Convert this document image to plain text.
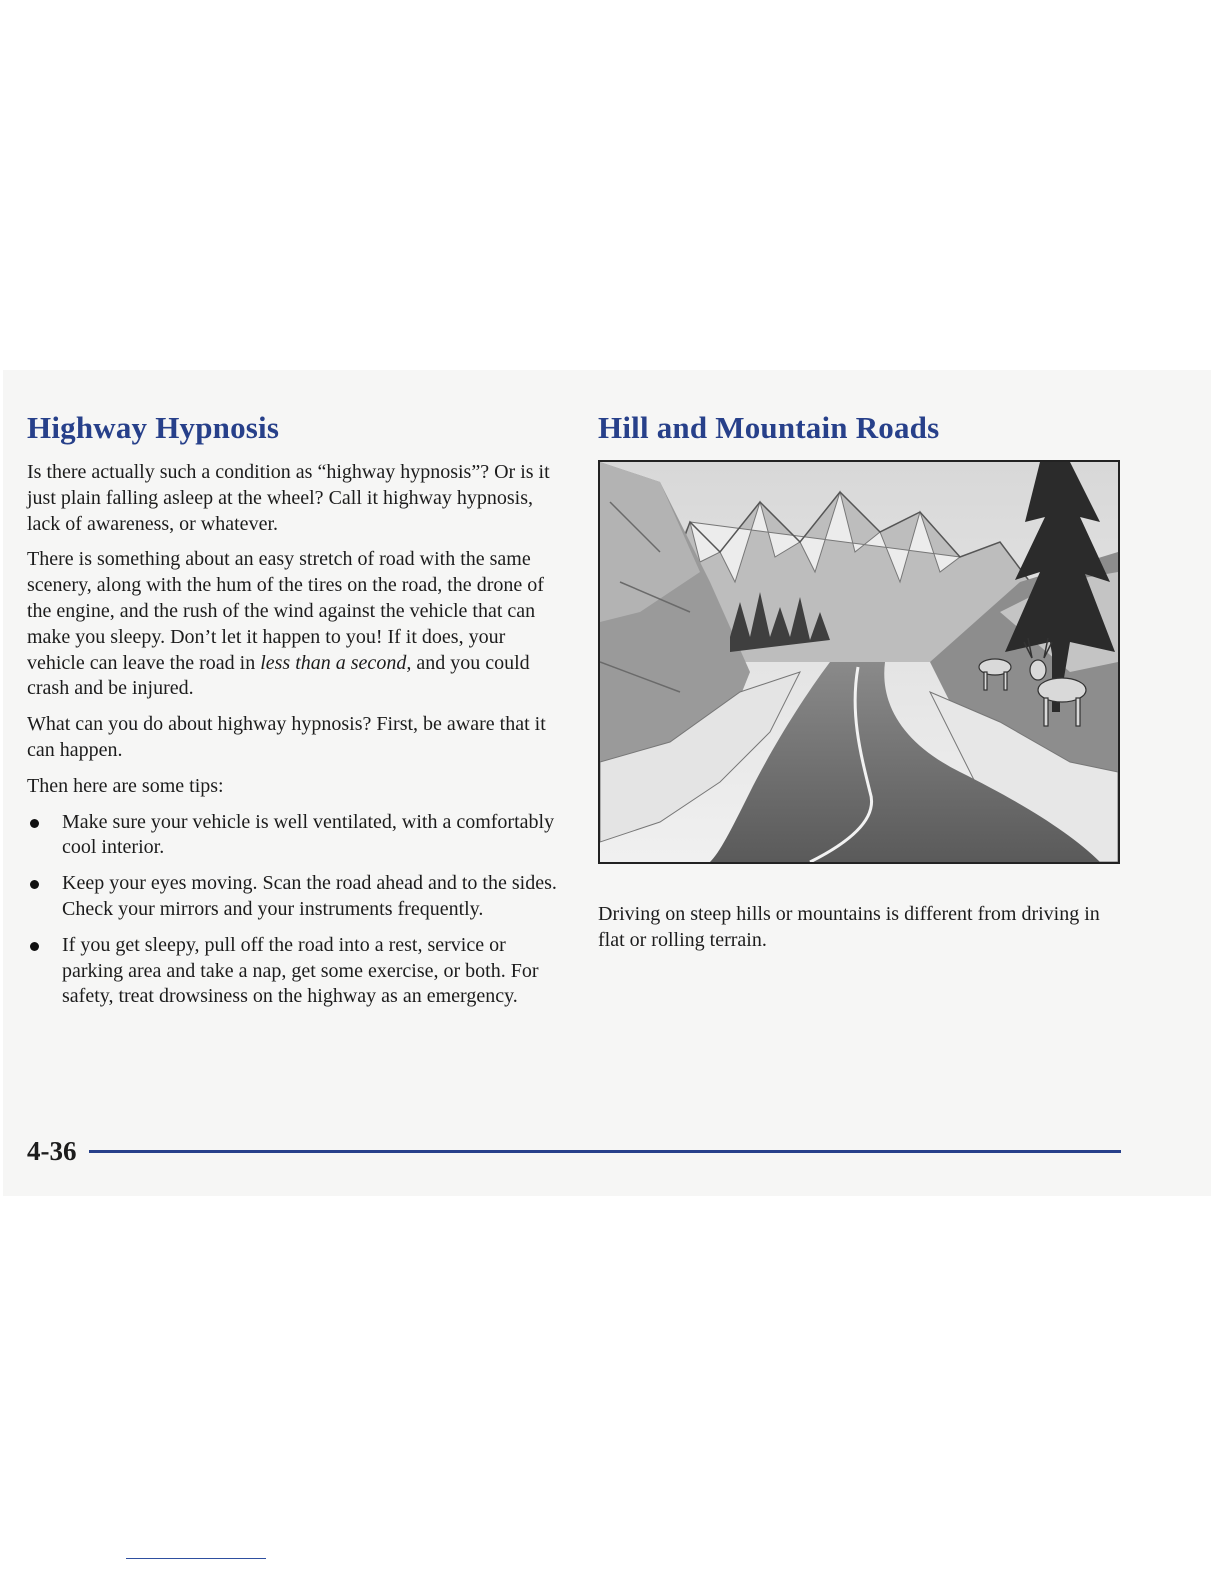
Highway Hypnosis

Is there actually such a condition as “highway hypnosis”? Or is it just plain falling asleep at the wheel? Call it highway hypnosis, lack of awareness, or whatever.

There is something about an easy stretch of road with the same scenery, along with the hum of the tires on the road, the drone of the engine, and the rush of the wind against the vehicle that can make you sleepy. Don’t let it happen to you! If it does, your vehicle can leave the road in less than a second, and you could crash and be injured.

What can you do about highway hypnosis? First, be aware that it can happen.

Then here are some tips:

Make sure your vehicle is well ventilated, with a comfortably cool interior.
Keep your eyes moving. Scan the road ahead and to the sides. Check your mirrors and your instruments frequently.
If you get sleepy, pull off the road into a rest, service or parking area and take a nap, get some exercise, or both. For safety, treat drowsiness on the highway as an emergency.
Hill and Mountain Roads

Driving on steep hills or mountains is different from driving in flat or rolling terrain.

4-36
